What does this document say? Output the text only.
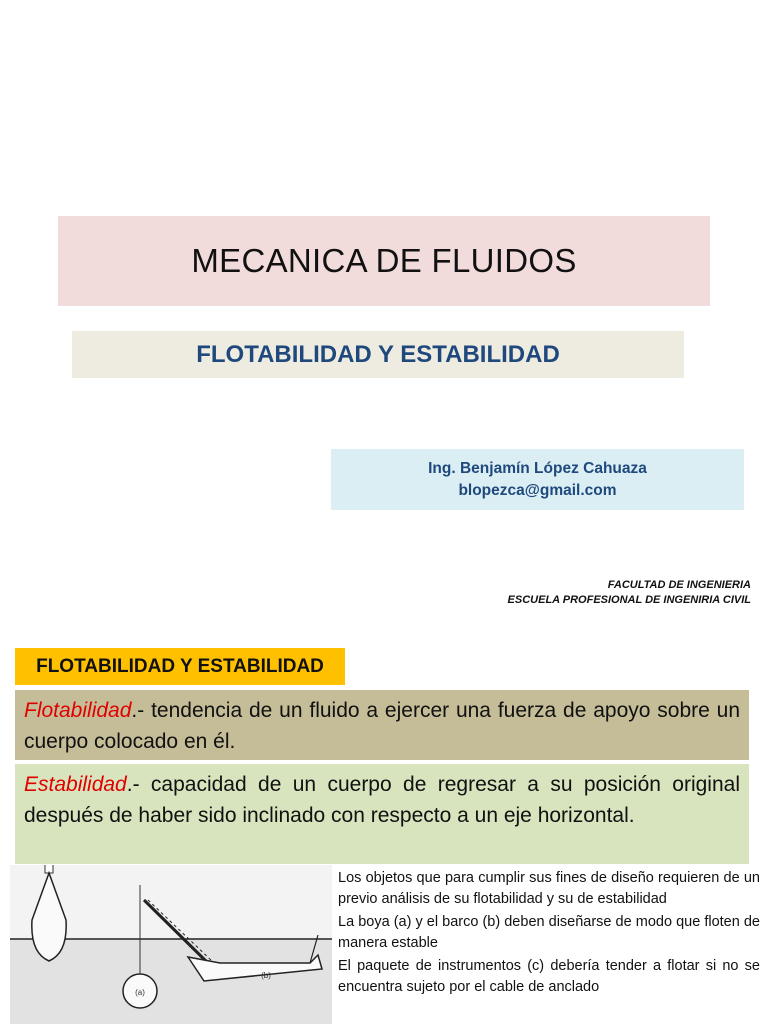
MECANICA DE FLUIDOS
FLOTABILIDAD Y ESTABILIDAD
Ing. Benjamín López Cahuaza
blopezca@gmail.com
FACULTAD DE INGENIERIA
ESCUELA PROFESIONAL DE INGENIRIA CIVIL
FLOTABILIDAD Y ESTABILIDAD
Flotabilidad.- tendencia de un fluido a ejercer una fuerza de apoyo sobre un cuerpo colocado en él.
Estabilidad.- capacidad de un cuerpo de regresar a su posición original después de haber sido inclinado con respecto a un eje horizontal.
(a)
(b)

Los objetos que para cumplir sus fines de diseño requieren de un previo análisis de su flotabilidad y su de estabilidad

La boya (a) y el barco (b) deben diseñarse de modo que floten de manera estable

El paquete de instrumentos (c) debería tender a flotar si no se encuentra sujeto por el cable de anclado
